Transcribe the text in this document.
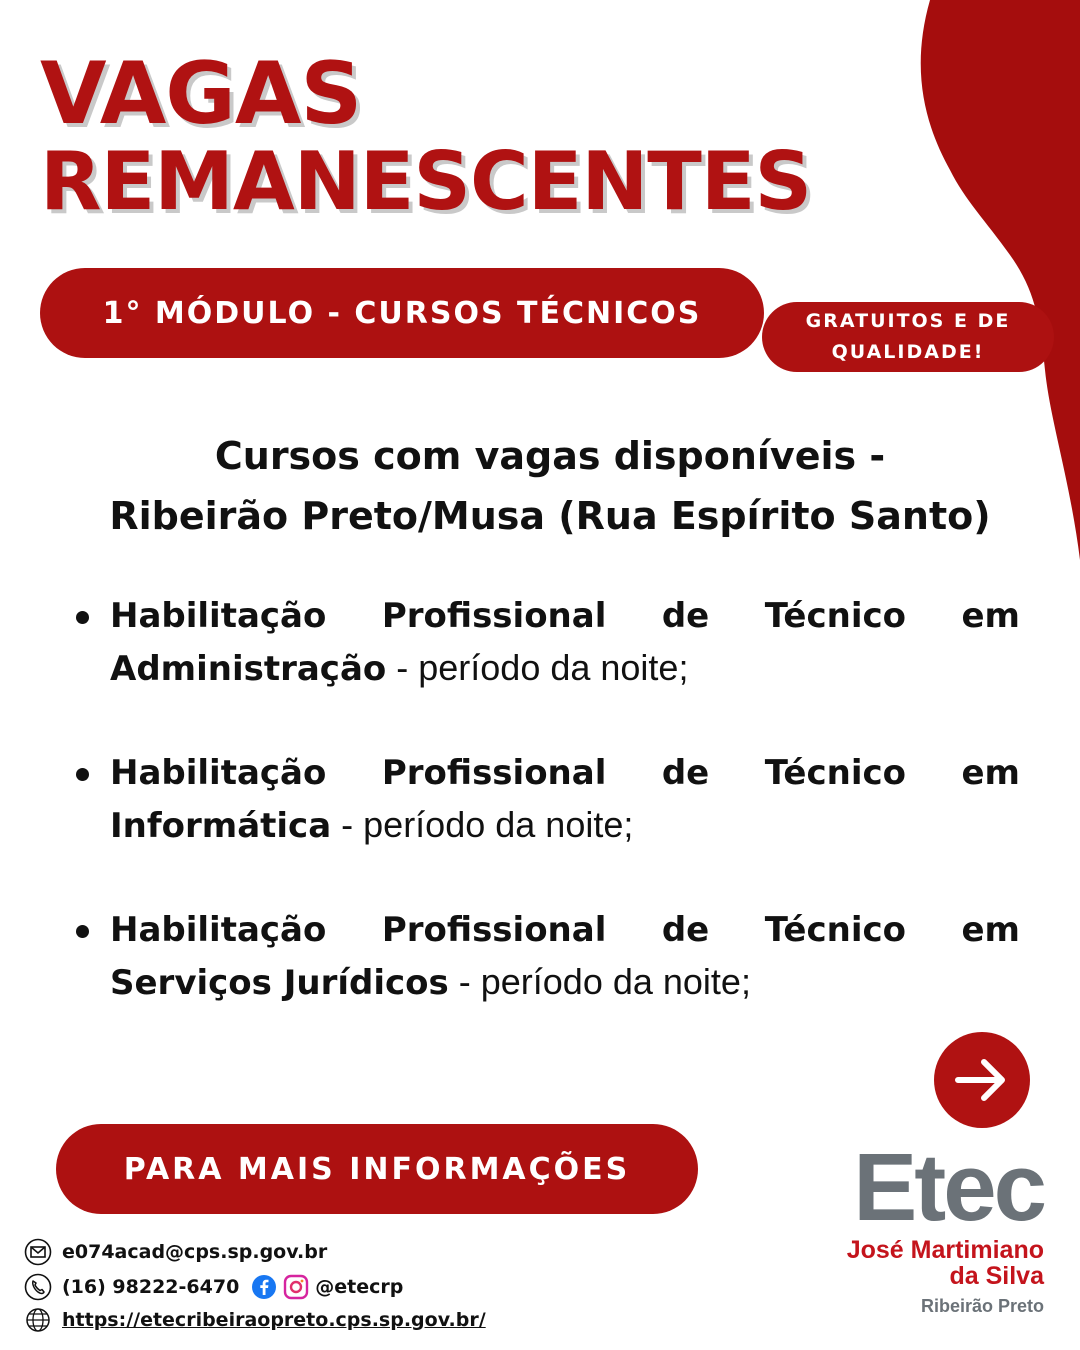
VAGAS
REMANESCENTES
1° MÓDULO - CURSOS TÉCNICOS	GRATUITOS E DE QUALIDADE!
Cursos com vagas disponíveis -
Ribeirão Preto/Musa (Rua Espírito Santo)
Habilitação Profissional de Técnico em
Administração - período da noite;
Habilitação Profissional de Técnico em
Informática - período da noite;
Habilitação Profissional de Técnico em
Serviços Jurídicos - período da noite;
PARA MAIS INFORMAÇÕES
e074acad@cps.sp.gov.br
(16) 98222-6470	@etecrp
https://etecribeiraopreto.cps.sp.gov.br/
Etec
José Martimiano
da Silva
Ribeirão Preto
